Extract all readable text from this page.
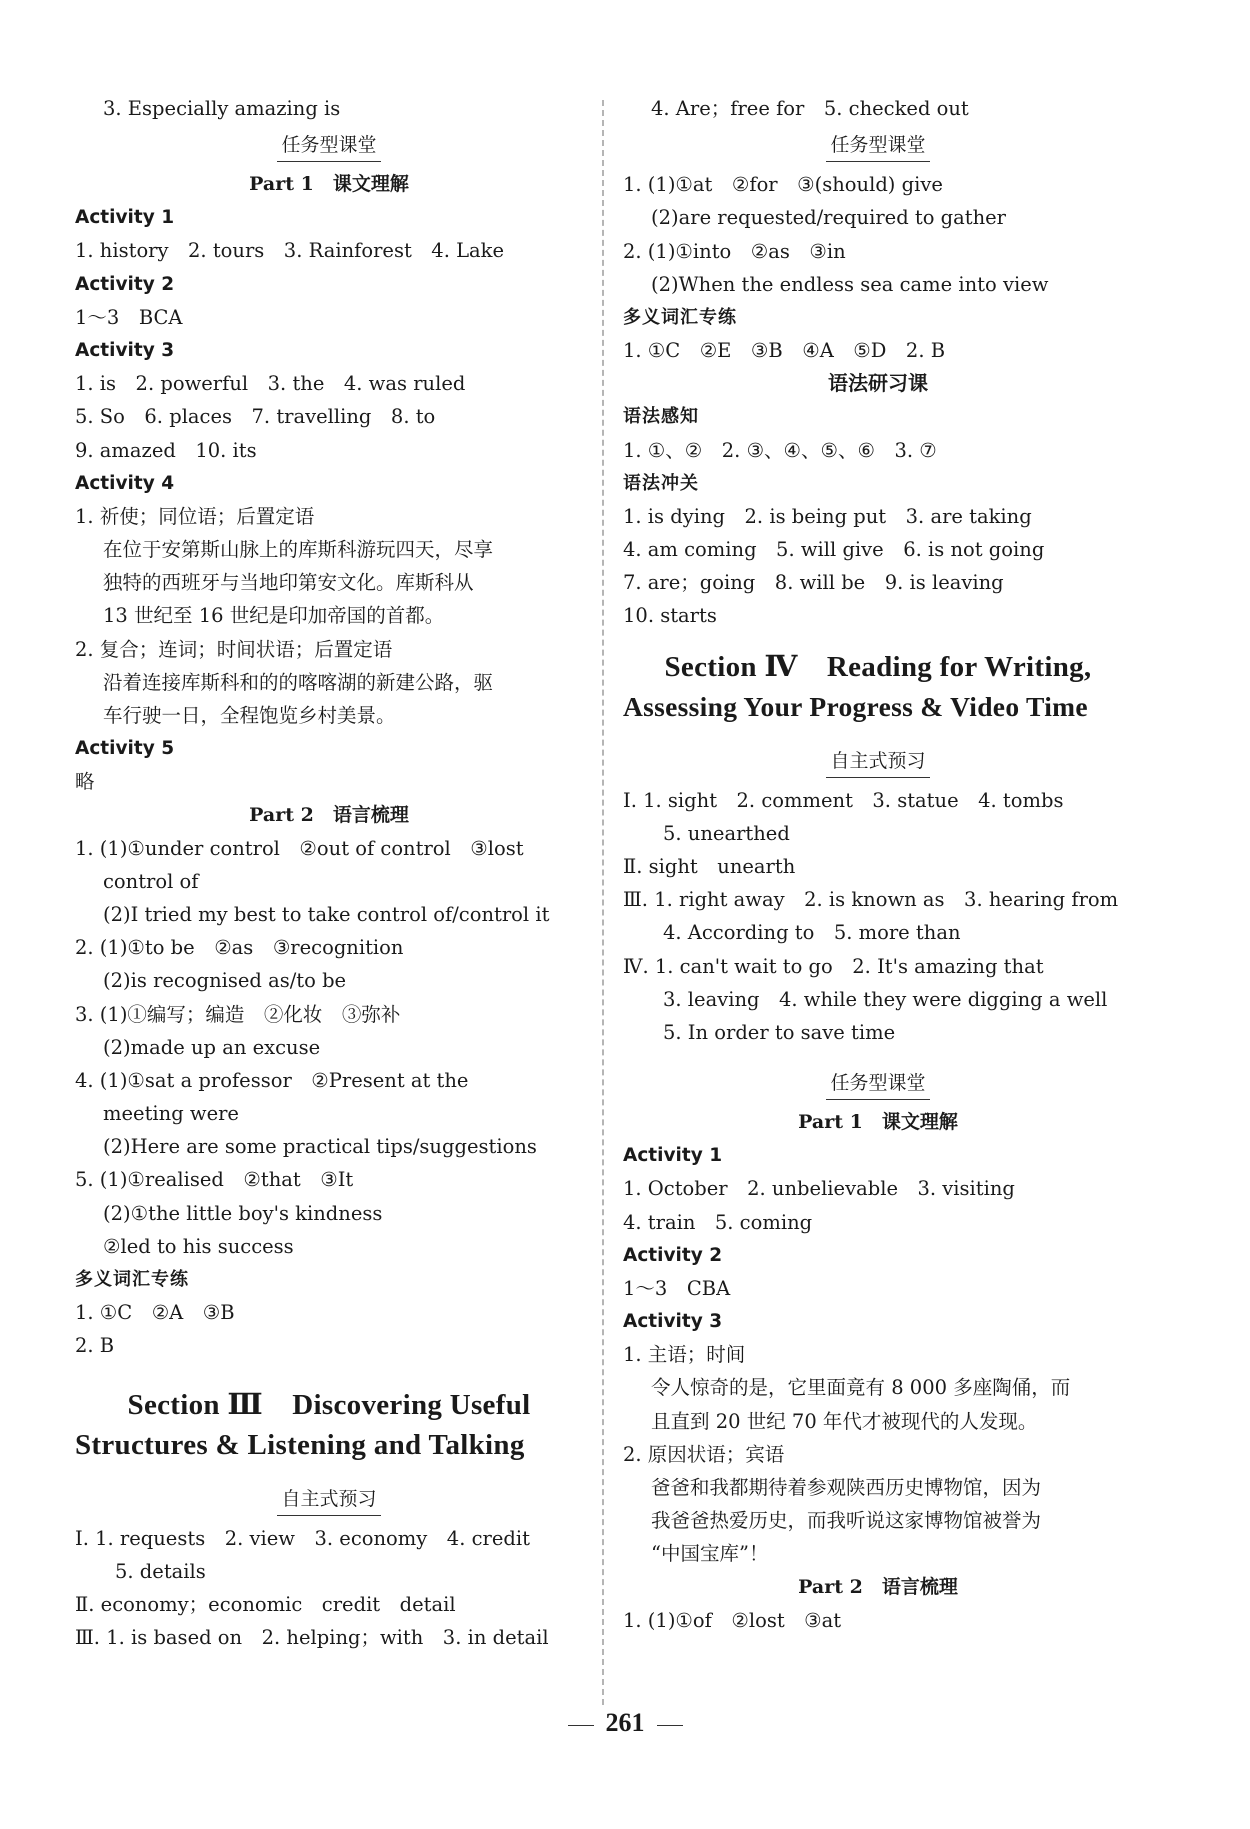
3. Especially amazing is
任务型课堂
Part 1　课文理解
Activity 1
1. history　2. tours　3. Rainforest　4. Lake
Activity 2
1～3　BCA
Activity 3
1. is　2. powerful　3. the　4. was ruled
5. So　6. places　7. travelling　8. to
9. amazed　10. its
Activity 4
1. 祈使；同位语；后置定语
在位于安第斯山脉上的库斯科游玩四天，尽享
独特的西班牙与当地印第安文化。库斯科从
13 世纪至 16 世纪是印加帝国的首都。
2. 复合；连词；时间状语；后置定语
沿着连接库斯科和的的喀喀湖的新建公路，驱
车行驶一日，全程饱览乡村美景。
Activity 5
略
Part 2　语言梳理
1. (1)①under control　②out of control　③lost
control of
(2)I tried my best to take control of/control it
2. (1)①to be　②as　③recognition
(2)is recognised as/to be
3. (1)①编写；编造　②化妆　③弥补
(2)made up an excuse
4. (1)①sat a professor　②Present at the
meeting were
(2)Here are some practical tips/suggestions
5. (1)①realised　②that　③It
(2)①the little boy's kindness
②led to his success
多义词汇专练
1. ①C　②A　③B
2. B
Section Ⅲ　Discovering Useful
Structures & Listening and Talking
自主式预习
Ⅰ. 1. requests　2. view　3. economy　4. credit
5. details
Ⅱ. economy；economic　credit　detail
Ⅲ. 1. is based on　2. helping；with　3. in detail
4. Are；free for　5. checked out
任务型课堂
1. (1)①at　②for　③(should) give
(2)are requested/required to gather
2. (1)①into　②as　③in
(2)When the endless sea came into view
多义词汇专练
1. ①C　②E　③B　④A　⑤D　2. B
语法研习课
语法感知
1. ①、②　2. ③、④、⑤、⑥　3. ⑦
语法冲关
1. is dying　2. is being put　3. are taking
4. am coming　5. will give　6. is not going
7. are；going　8. will be　9. is leaving
10. starts
Section Ⅳ　Reading for Writing,
Assessing Your Progress & Video Time
自主式预习
Ⅰ. 1. sight　2. comment　3. statue　4. tombs
5. unearthed
Ⅱ. sight　unearth
Ⅲ. 1. right away　2. is known as　3. hearing from
4. According to　5. more than
Ⅳ. 1. can't wait to go　2. It's amazing that
3. leaving　4. while they were digging a well
5. In order to save time
任务型课堂
Part 1　课文理解
Activity 1
1. October　2. unbelievable　3. visiting
4. train　5. coming
Activity 2
1～3　CBA
Activity 3
1. 主语；时间
令人惊奇的是，它里面竟有 8 000 多座陶俑，而
且直到 20 世纪 70 年代才被现代的人发现。
2. 原因状语；宾语
爸爸和我都期待着参观陕西历史博物馆，因为
我爸爸热爱历史，而我听说这家博物馆被誉为
“中国宝库”！
Part 2　语言梳理
1. (1)①of　②lost　③at
261
